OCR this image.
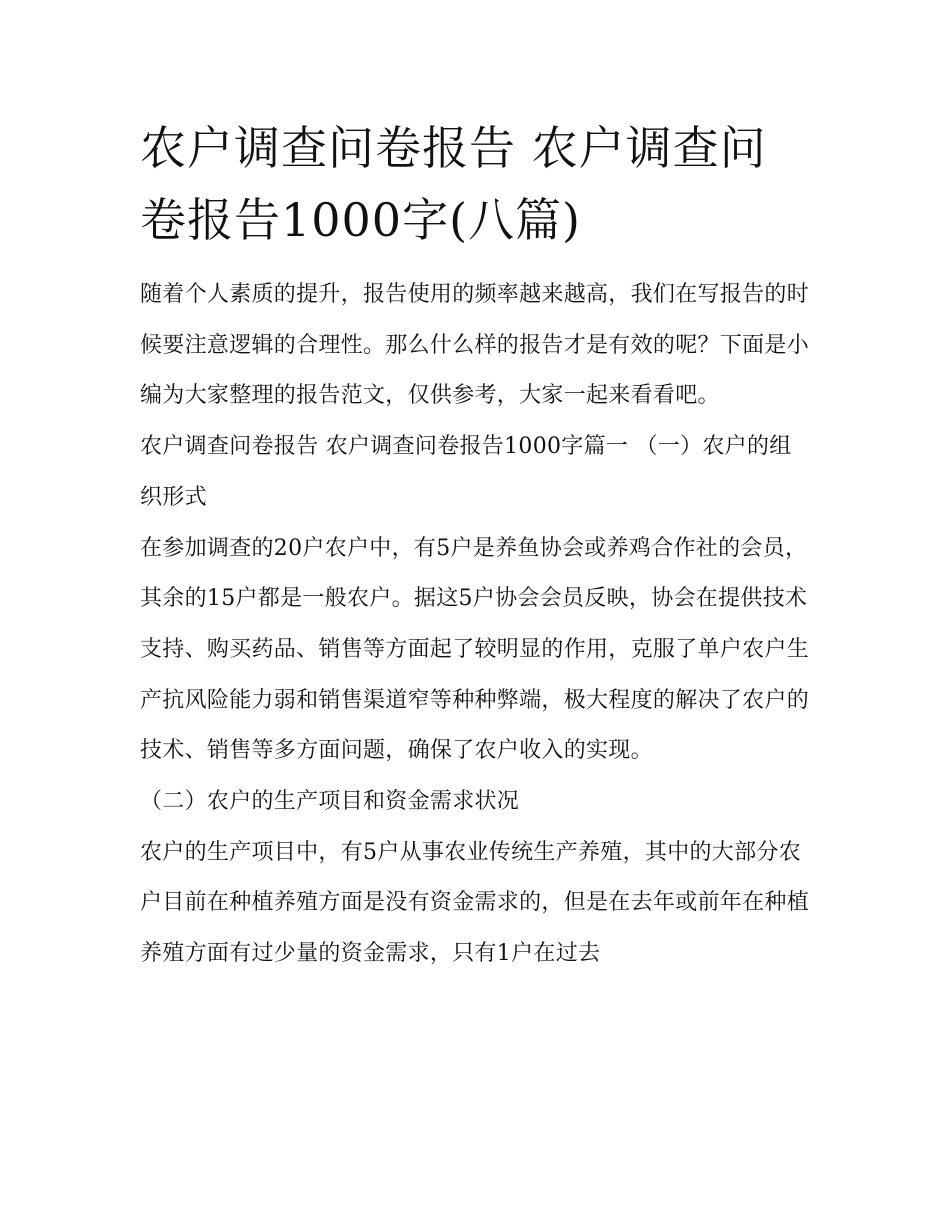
农户调查问卷报告 农户调查问卷报告1000字(八篇)

随着个人素质的提升，报告使用的频率越来越高，我们在写报告的时候要注意逻辑的合理性。那么什么样的报告才是有效的呢？下面是小编为大家整理的报告范文，仅供参考，大家一起来看看吧。

农户调查问卷报告 农户调查问卷报告1000字篇一 （一）农户的组织形式

在参加调查的20户农户中，有5户是养鱼协会或养鸡合作社的会员，其余的15户都是一般农户。据这5户协会会员反映，协会在提供技术支持、购买药品、销售等方面起了较明显的作用，克服了单户农户生产抗风险能力弱和销售渠道窄等种种弊端，极大程度的解决了农户的技术、销售等多方面问题，确保了农户收入的实现。

（二）农户的生产项目和资金需求状况

农户的生产项目中，有5户从事农业传统生产养殖，其中的大部分农户目前在种植养殖方面是没有资金需求的，但是在去年或前年在种植养殖方面有过少量的资金需求，只有1户在过去
